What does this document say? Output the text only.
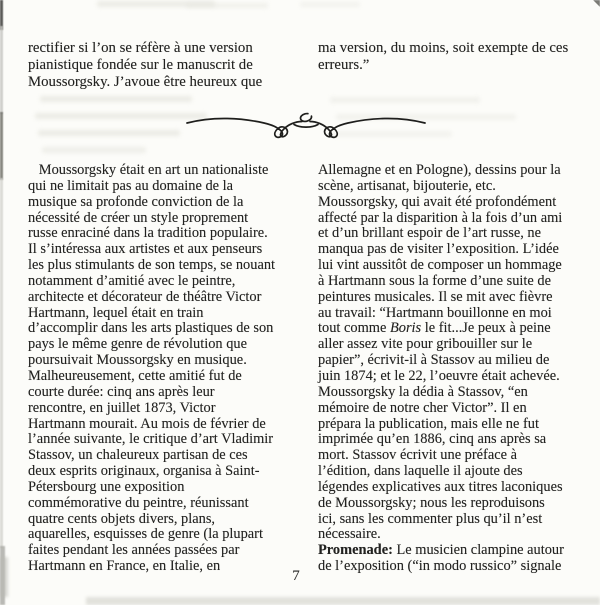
rectifier si l’on se réfère à une version
pianistique fondée sur le manuscrit de
Moussorgsky. J’avoue être heureux que
ma version, du moins, soit exempte de ces
erreurs.”
Moussorgsky était en art un nationaliste
qui ne limitait pas au domaine de la
musique sa profonde conviction de la
nécessité de créer un style proprement
russe enraciné dans la tradition populaire.
Il s’intéressa aux artistes et aux penseurs
les plus stimulants de son temps, se nouant
notamment d’amitié avec le peintre,
architecte et décorateur de théâtre Victor
Hartmann, lequel était en train
d’accomplir dans les arts plastiques de son
pays le même genre de révolution que
poursuivait Moussorgsky en musique.
Malheureusement, cette amitié fut de
courte durée: cinq ans après leur
rencontre, en juillet 1873, Victor
Hartmann mourait. Au mois de février de
l’année suivante, le critique d’art Vladimir
Stassov, un chaleureux partisan de ces
deux esprits originaux, organisa à Saint-
Pétersbourg une exposition
commémorative du peintre, réunissant
quatre cents objets divers, plans,
aquarelles, esquisses de genre (la plupart
faites pendant les années passées par
Hartmann en France, en Italie, en
Allemagne et en Pologne), dessins pour la
scène, artisanat, bijouterie, etc.
Moussorgsky, qui avait été profondément
affecté par la disparition à la fois d’un ami
et d’un brillant espoir de l’art russe, ne
manqua pas de visiter l’exposition. L’idée
lui vint aussitôt de composer un hommage
à Hartmann sous la forme d’une suite de
peintures musicales. Il se mit avec fièvre
au travail: “Hartmann bouillonne en moi
tout comme Boris le fit...Je peux à peine
aller assez vite pour gribouiller sur le
papier”, écrivit-il à Stassov au milieu de
juin 1874; et le 22, l’oeuvre était achevée.
Moussorgsky la dédia à Stassov, “en
mémoire de notre cher Victor”. Il en
prépara la publication, mais elle ne fut
imprimée qu’en 1886, cinq ans après sa
mort. Stassov écrivit une préface à
l’édition, dans laquelle il ajoute des
légendes explicatives aux titres laconiques
de Moussorgsky; nous les reproduisons
ici, sans les commenter plus qu’il n’est
nécessaire.
Promenade: Le musicien clampine autour
de l’exposition (“in modo russico” signale
7
